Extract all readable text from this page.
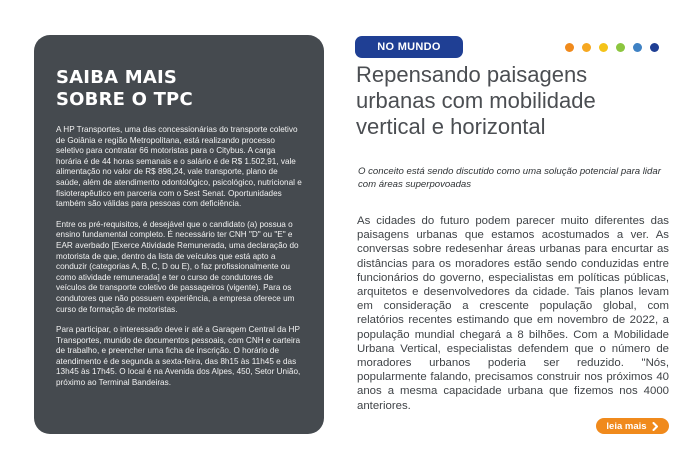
SAIBA MAIS
SOBRE O TPC

A HP Transportes, uma das concessionárias do transporte coletivo de Goiânia e região Metropolitana, está realizando processo seletivo para contratar 66 motoristas para o Citybus. A carga horária é de 44 horas semanais e o salário é de R$ 1.502,91, vale alimentação no valor de R$ 898,24, vale transporte, plano de saúde, além de atendimento odontológico, psicológico, nutricional e fisioterapêutico em parceria com o Sest Senat. Oportunidades também são válidas para pessoas com deficiência.

Entre os pré-requisitos, é desejável que o candidato (a) possua o ensino fundamental completo. É necessário ter CNH "D" ou "E" e EAR averbado [Exerce Atividade Remunerada, uma declaração do motorista de que, dentro da lista de veículos que está apto a conduzir (categorias A, B, C, D ou E), o faz profissionalmente ou como atividade remunerada] e ter o curso de condutores de veículos de transporte coletivo de passageiros (vigente). Para os condutores que não possuem experiência, a empresa oferece um curso de formação de motoristas.

Para participar, o interessado deve ir até a Garagem Central da HP Transportes, munido de documentos pessoais, com CNH e carteira de trabalho, e preencher uma ficha de inscrição. O horário de atendimento é de segunda a sexta-feira, das 8h15 às 11h45 e das 13h45 às 17h45. O local é na Avenida dos Alpes, 450, Setor União, próximo ao Terminal Bandeiras.

NO MUNDO
Repensando paisagens
urbanas com mobilidade
vertical e horizontal

O conceito está sendo discutido como uma solução potencial para lidar com áreas superpovoadas

As cidades do futuro podem parecer muito diferentes das paisagens urbanas que estamos acostumados a ver. As conversas sobre redesenhar áreas urbanas para encurtar as distâncias para os moradores estão sendo conduzidas entre funcionários do governo, especialistas em políticas públicas, arquitetos e desenvolvedores da cidade. Tais planos levam em consideração a crescente população global, com relatórios recentes estimando que em novembro de 2022, a população mundial chegará a 8 bilhões. Com a Mobilidade Urbana Vertical, especialistas defendem que o número de moradores urbanos poderia ser reduzido. "Nós, popularmente falando, precisamos construir nos próximos 40 anos a mesma capacidade urbana que fizemos nos 4000 anteriores.

leia mais
